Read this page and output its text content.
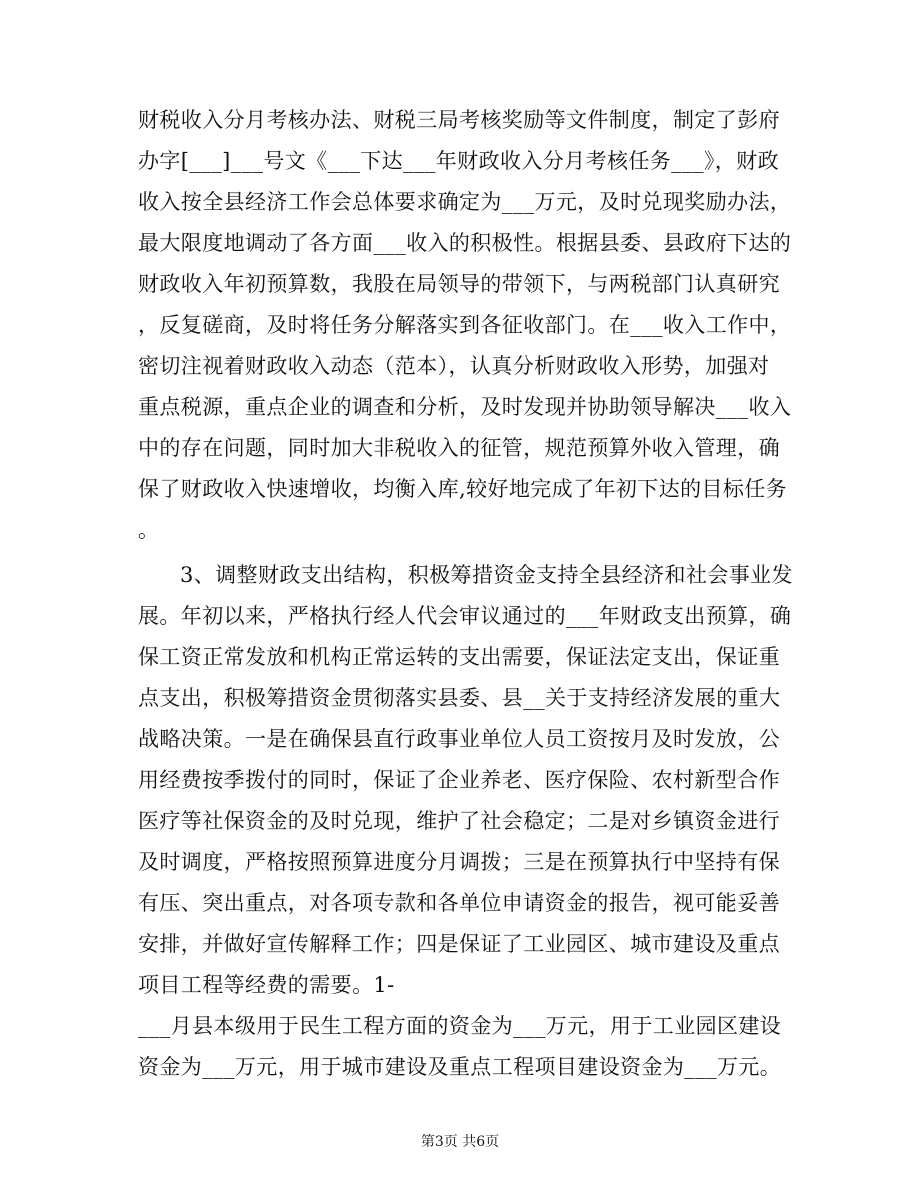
财税收入分月考核办法、财税三局考核奖励等文件制度，制定了彭府
办字[___]___号文《___下达___年财政收入分月考核任务___》，财政
收入按全县经济工作会总体要求确定为___万元，及时兑现奖励办法，
最大限度地调动了各方面___收入的积极性。根据县委、县政府下达的
财政收入年初预算数，我股在局领导的带领下，与两税部门认真研究
，反复磋商，及时将任务分解落实到各征收部门。在___收入工作中，
密切注视着财政收入动态（范本），认真分析财政收入形势，加强对
重点税源，重点企业的调查和分析，及时发现并协助领导解决___收入
中的存在问题，同时加大非税收入的征管，规范预算外收入管理，确
保了财政收入快速增收，均衡入库,较好地完成了年初下达的目标任务
。
3、调整财政支出结构，积极筹措资金支持全县经济和社会事业发
展。年初以来，严格执行经人代会审议通过的___年财政支出预算，确
保工资正常发放和机构正常运转的支出需要，保证法定支出，保证重
点支出，积极筹措资金贯彻落实县委、县__关于支持经济发展的重大
战略决策。一是在确保县直行政事业单位人员工资按月及时发放，公
用经费按季拨付的同时，保证了企业养老、医疗保险、农村新型合作
医疗等社保资金的及时兑现，维护了社会稳定；二是对乡镇资金进行
及时调度，严格按照预算进度分月调拨；三是在预算执行中坚持有保
有压、突出重点，对各项专款和各单位申请资金的报告，视可能妥善
安排，并做好宣传解释工作；四是保证了工业园区、城市建设及重点
项目工程等经费的需要。1-
___月县本级用于民生工程方面的资金为___万元，用于工业园区建设
资金为___万元，用于城市建设及重点工程项目建设资金为___万元。
第3页 共6页
